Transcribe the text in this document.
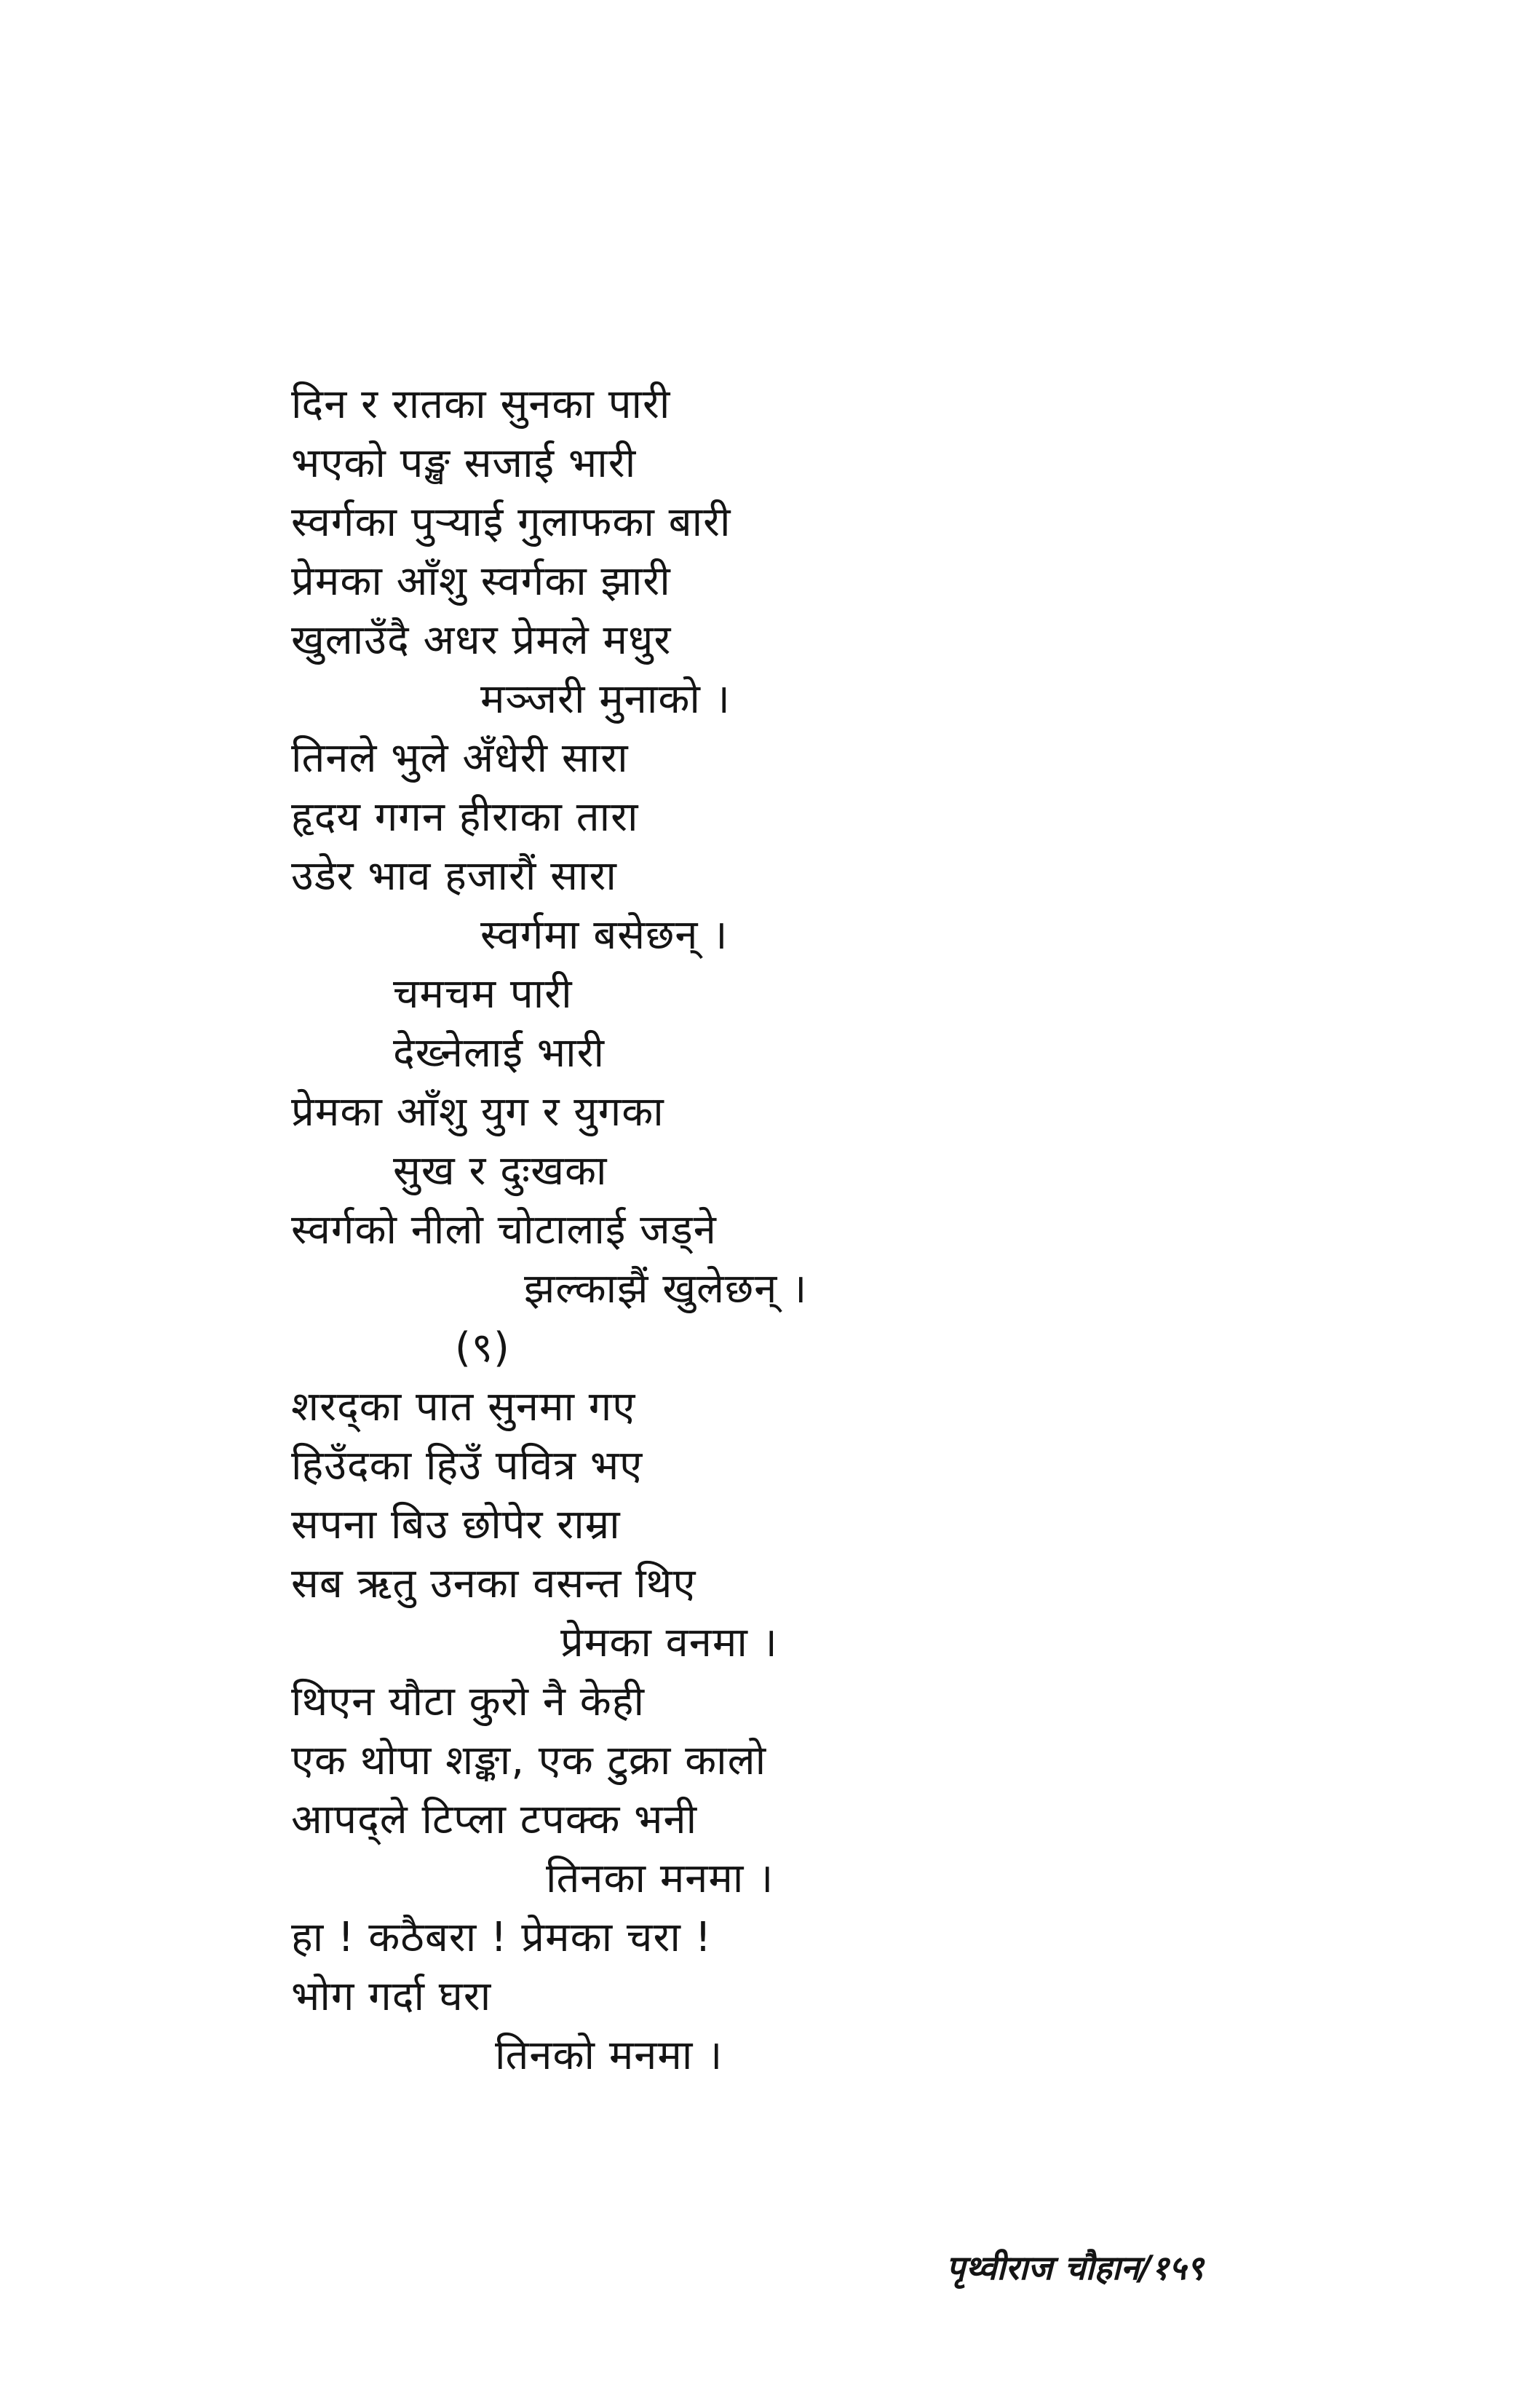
दिन र रातका सुनका पारी
भएको पङ्ख सजाई भारी
स्वर्गका पुऱ्याई गुलाफका बारी
प्रेमका आँशु स्वर्गका झारी
खुलाउँदै अधर प्रेमले मधुर
मञ्जरी मुनाको ।
तिनले भुले अँधेरी सारा
हृदय गगन हीराका तारा
उडेर भाव हजारौं सारा
स्वर्गमा बसेछन् ।
चमचम पारी
देख्नेलाई भारी
प्रेमका आँशु युग र युगका
सुख र दुःखका
स्वर्गको नीलो चोटालाई जड्ने
झल्काझैं खुलेछन् ।
(९)
शरद्का पात सुनमा गए
हिउँदका हिउँ पवित्र भए
सपना बिउ छोपेर राम्रा
सब ऋतु उनका वसन्त थिए
प्रेमका वनमा ।
थिएन यौटा कुरो नै केही
एक थोपा शङ्का, एक टुक्रा कालो
आपद्ले टिप्ला टपक्क भनी
तिनका मनमा ।
हा ! कठैबरा ! प्रेमका चरा !
भोग गर्दा घरा
तिनको मनमा ।
पृथ्वीराज चौहान/१५९
